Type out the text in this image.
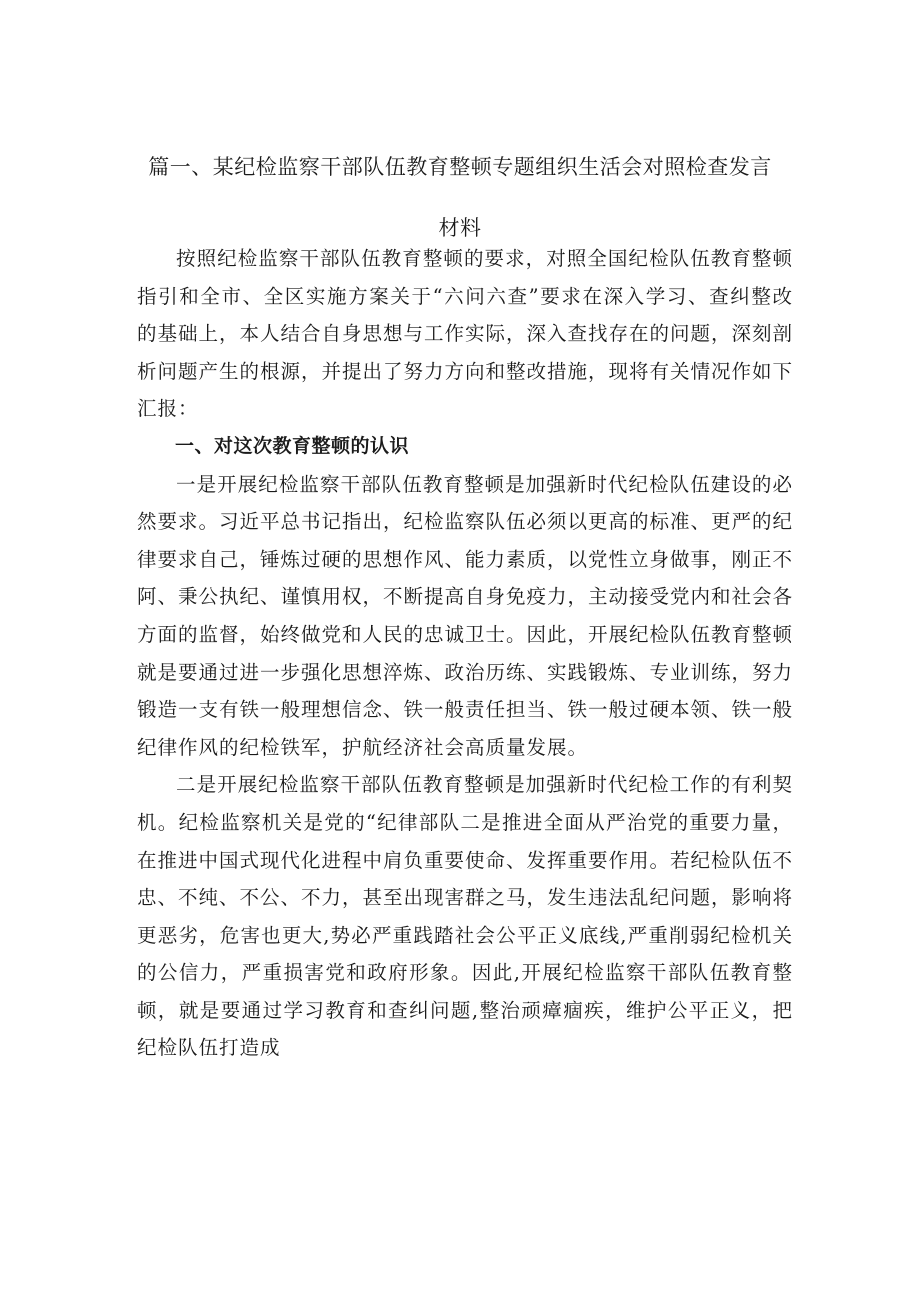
篇一、某纪检监察干部队伍教育整顿专题组织生活会对照检查发言
材料

按照纪检监察干部队伍教育整顿的要求，对照全国纪检队伍教育整顿指引和全市、全区实施方案关于“六问六查”要求在深入学习、查纠整改的基础上，本人结合自身思想与工作实际，深入查找存在的问题，深刻剖析问题产生的根源，并提出了努力方向和整改措施，现将有关情况作如下汇报：

一、对这次教育整顿的认识

一是开展纪检监察干部队伍教育整顿是加强新时代纪检队伍建设的必然要求。习近平总书记指出，纪检监察队伍必须以更高的标准、更严的纪律要求自己，锤炼过硬的思想作风、能力素质，以党性立身做事，刚正不阿、秉公执纪、谨慎用权，不断提高自身免疫力，主动接受党内和社会各方面的监督，始终做党和人民的忠诚卫士。因此，开展纪检队伍教育整顿就是要通过进一步强化思想淬炼、政治历练、实践锻炼、专业训练，努力锻造一支有铁一般理想信念、铁一般责任担当、铁一般过硬本领、铁一般纪律作风的纪检铁军，护航经济社会高质量发展。

二是开展纪检监察干部队伍教育整顿是加强新时代纪检工作的有利契机。纪检监察机关是党的“纪律部队二是推进全面从严治党的重要力量，在推进中国式现代化进程中肩负重要使命、发挥重要作用。若纪检队伍不忠、不纯、不公、不力，甚至出现害群之马，发生违法乱纪问题，影响将更恶劣，危害也更大,势必严重践踏社会公平正义底线,严重削弱纪检机关的公信力，严重损害党和政府形象。因此,开展纪检监察干部队伍教育整顿，就是要通过学习教育和查纠问题,整治顽瘴痼疾，维护公平正义，把纪检队伍打造成
